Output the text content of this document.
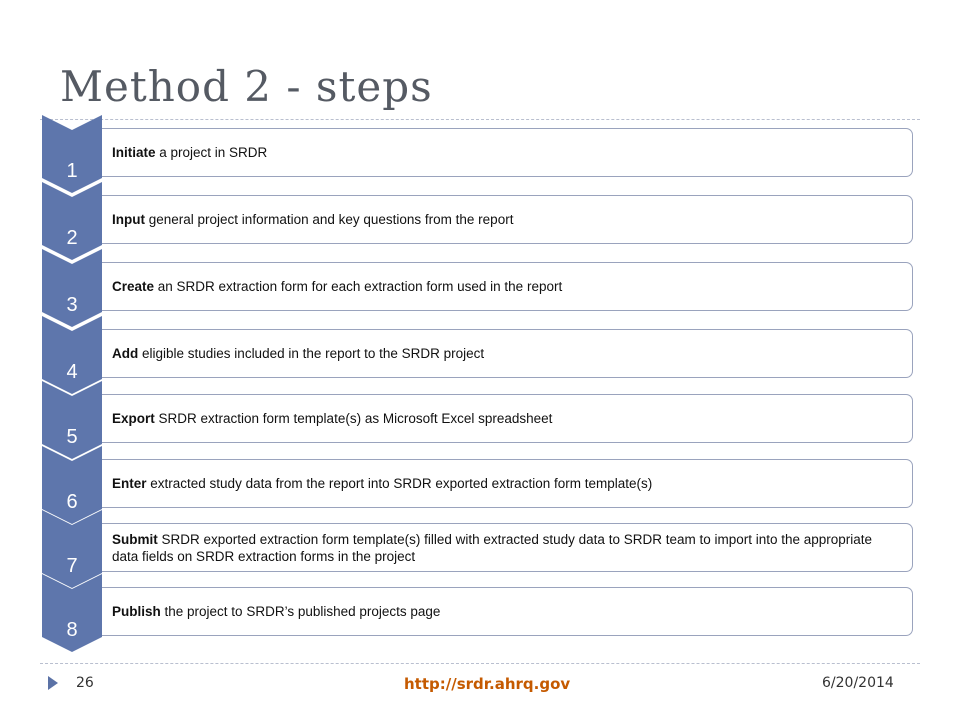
Method 2 - steps
1
Initiate a project in SRDR
2
Input general project information and key questions from the report
3
Create an SRDR extraction form for each extraction form used in the report
4
Add eligible studies included in the report to the SRDR project
5
Export SRDR extraction form template(s) as Microsoft Excel spreadsheet
6
Enter extracted study data from the report into SRDR exported extraction form template(s)
7
Submit SRDR exported extraction form template(s) filled with extracted study data to SRDR team to import into the appropriate data fields on SRDR extraction forms in the project
8
Publish the project to SRDR’s published projects page
26	http://srdr.ahrq.gov	6/20/2014
